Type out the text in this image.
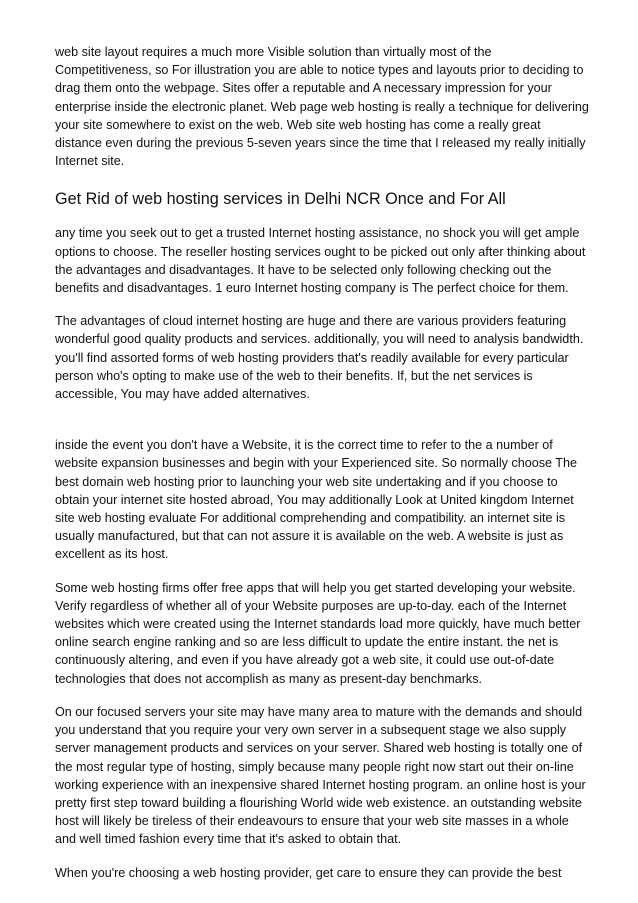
web site layout requires a much more Visible solution than virtually most of the Competitiveness, so For illustration you are able to notice types and layouts prior to deciding to drag them onto the webpage. Sites offer a reputable and A necessary impression for your enterprise inside the electronic planet. Web page web hosting is really a technique for delivering your site somewhere to exist on the web. Web site web hosting has come a really great distance even during the previous 5-seven years since the time that I released my really initially Internet site.

Get Rid of web hosting services in Delhi NCR Once and For All

any time you seek out to get a trusted Internet hosting assistance, no shock you will get ample options to choose. The reseller hosting services ought to be picked out only after thinking about the advantages and disadvantages. It have to be selected only following checking out the benefits and disadvantages. 1 euro Internet hosting company is The perfect choice for them.

The advantages of cloud internet hosting are huge and there are various providers featuring wonderful good quality products and services. additionally, you will need to analysis bandwidth. you'll find assorted forms of web hosting providers that's readily available for every particular person who's opting to make use of the web to their benefits. If, but the net services is accessible, You may have added alternatives.

inside the event you don't have a Website, it is the correct time to refer to the a number of website expansion businesses and begin with your Experienced site. So normally choose The best domain web hosting prior to launching your web site undertaking and if you choose to obtain your internet site hosted abroad, You may additionally Look at United kingdom Internet site web hosting evaluate For additional comprehending and compatibility. an internet site is usually manufactured, but that can not assure it is available on the web. A website is just as excellent as its host.

Some web hosting firms offer free apps that will help you get started developing your website. Verify regardless of whether all of your Website purposes are up-to-day. each of the Internet websites which were created using the Internet standards load more quickly, have much better online search engine ranking and so are less difficult to update the entire instant. the net is continuously altering, and even if you have already got a web site, it could use out-of-date technologies that does not accomplish as many as present-day benchmarks.

On our focused servers your site may have many area to mature with the demands and should you understand that you require your very own server in a subsequent stage we also supply server management products and services on your server. Shared web hosting is totally one of the most regular type of hosting, simply because many people right now start out their on-line working experience with an inexpensive shared Internet hosting program. an online host is your pretty first step toward building a flourishing World wide web existence. an outstanding website host will likely be tireless of their endeavours to ensure that your web site masses in a whole and well timed fashion every time that it's asked to obtain that.

When you're choosing a web hosting provider, get care to ensure they can provide the best
